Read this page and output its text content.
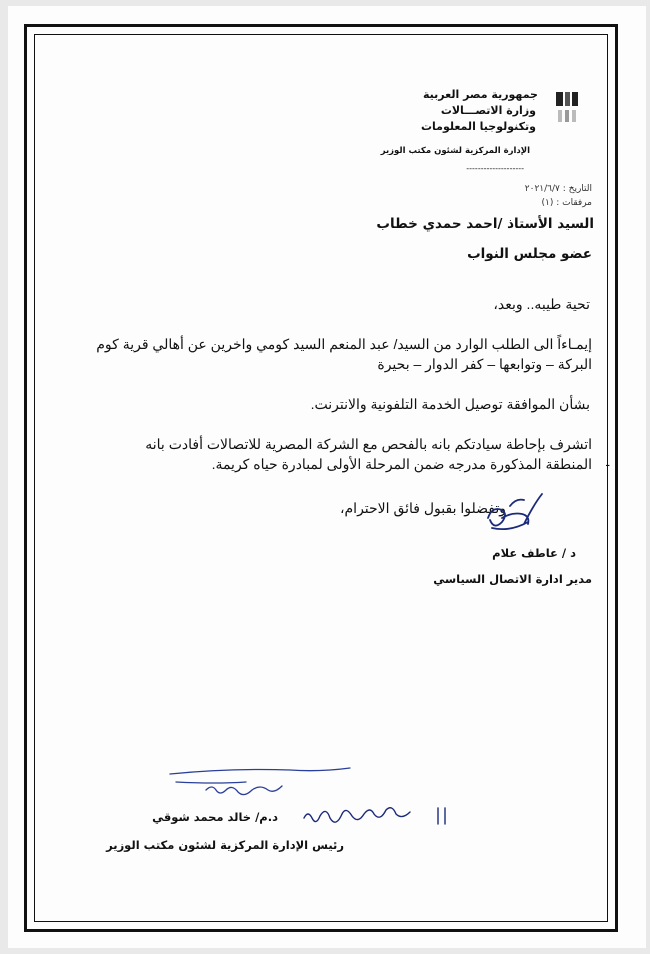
جمهورية مصر العربية
وزارة الاتصـــالات
وتكنولوجيا المعلومات
الإدارة المركزية لشئون مكتب الوزير
--------------------
التاريخ : ٢٠٢١/٦/٧
مرفقات : (١)
السيد الأستاذ /احمد حمدي خطاب
عضو مجلس النواب
تحية طيبه.. وبعد،
إيمـاءاً الى الطلب الوارد من السيد/ عبد المنعم السيد كومي واخرين عن أهالي قرية كوم
البركة – وتوابعها – كفر الدوار – بحيرة
بشأن الموافقة توصيل الخدمة التلفونية والانترنت.
اتشرف بإحاطة سيادتكم بانه بالفحص مع الشركة المصرية للاتصالات أفادت بانه
المنطقة المذكورة مدرجه ضمن المرحلة الأولى لمبادرة حياه كريمة. -
وتفضلوا بقبول فائق الاحترام،
د / عاطف علام
مدير ادارة الاتصال السياسي
د.م/ خالد محمد شوقي
رئيس الإدارة المركزية لشئون مكتب الوزير
